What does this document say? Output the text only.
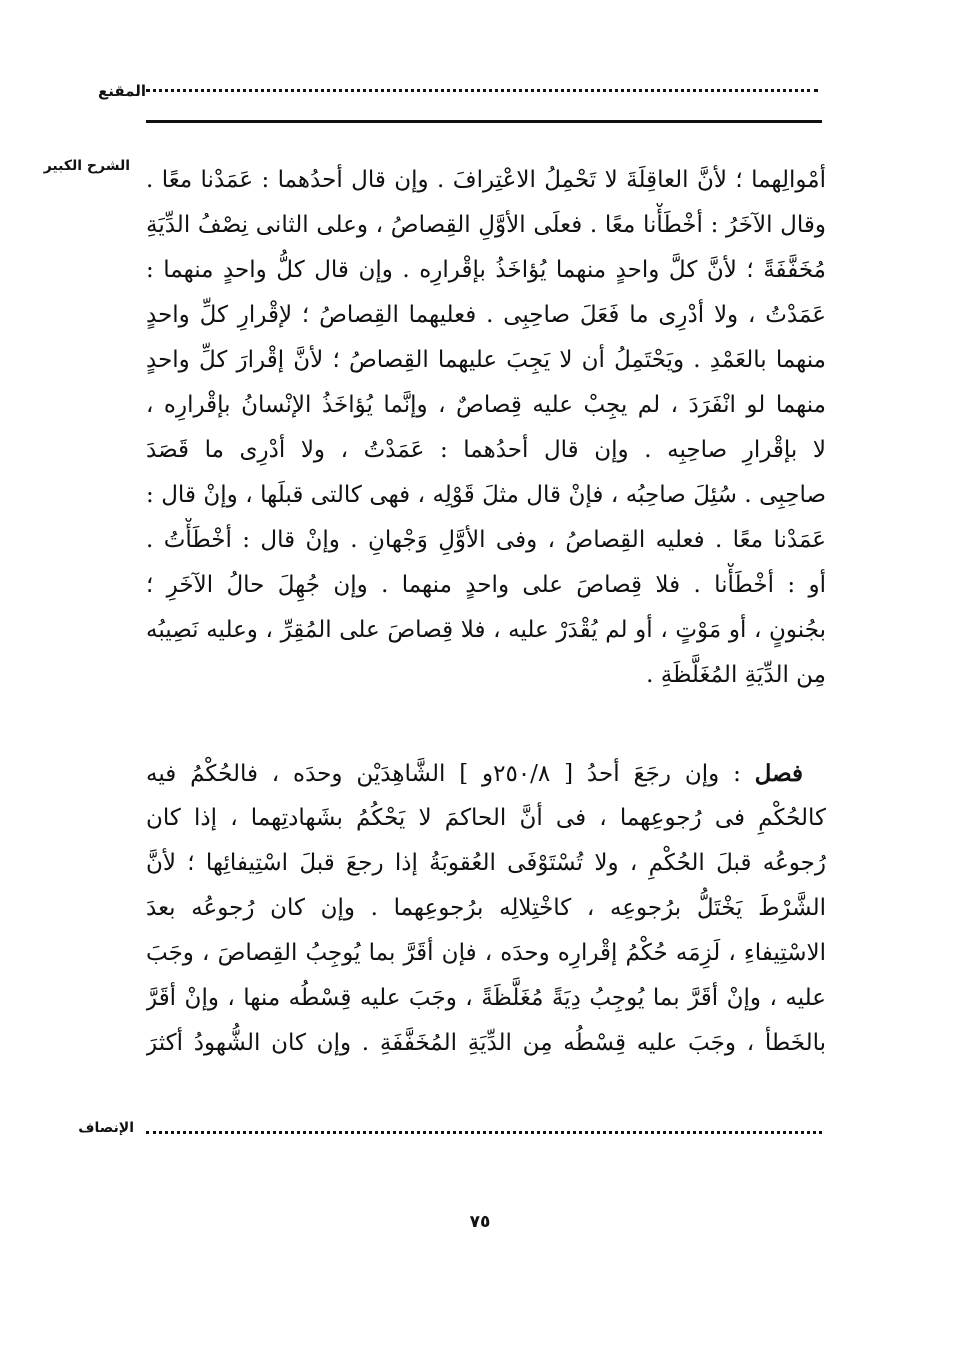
المقنع
الشرح الكبير
أمْوالِهما ؛ لأنَّ العاقِلَةَ لا تَحْمِلُ الاعْتِرافَ . وإن قال أحدُهما : عَمَدْنا معًا .
وقال الآخَرُ : أخْطَأْنا معًا . فعلَى الأوَّلِ القِصاصُ ، وعلى الثانى نِصْفُ الدِّيَةِ
مُخَفَّفَةً ؛ لأنَّ كلَّ واحدٍ منهما يُؤاخَذُ بإقْرارِه . وإن قال كلُّ واحدٍ منهما :
عَمَدْتُ ، ولا أدْرِى ما فَعَلَ صاحِبِى . فعليهما القِصاصُ ؛ لإقْرارِ كلِّ واحدٍ
منهما بالعَمْدِ . ويَحْتَمِلُ أن لا يَجِبَ عليهما القِصاصُ ؛ لأنَّ إقْرارَ كلِّ واحدٍ
منهما لو انْفَرَدَ ، لم يجِبْ عليه قِصاصٌ ، وإنَّما يُؤاخَذُ الإنْسانُ بإقْرارِه ،
لا بإقْرارِ صاحِبِه . وإن قال أحدُهما : عَمَدْتُ ، ولا أدْرِى ما قَصَدَ
صاحِبِى . سُئِلَ صاحِبُه ، فإنْ قال مثلَ قَوْلِه ، فهى كالتى قبلَها ، وإنْ قال :
عَمَدْنا معًا . فعليه القِصاصُ ، وفى الأوَّلِ وَجْهانِ . وإنْ قال : أخْطَأْتُ .
أو : أخْطَأْنا . فلا قِصاصَ على واحدٍ منهما . وإن جُهِلَ حالُ الآخَرِ ؛
بجُنونٍ ، أو مَوْتٍ ، أو لم يُقْدَرْ عليه ، فلا قِصاصَ على المُقِرِّ ، وعليه نَصِيبُه
مِن الدِّيَةِ المُغَلَّظَةِ .
 فصل : وإن رجَعَ أحدُ [ ٢٥٠/٨و ] الشَّاهِدَيْن وحدَه ، فالحُكْمُ فيه
كالحُكْمِ فى رُجوعِهما ، فى أنَّ الحاكمَ لا يَحْكُمُ بشَهادتِهما ، إذا كان
رُجوعُه قبلَ الحُكْمِ ، ولا تُسْتَوْفَى العُقوبَةُ إذا رجعَ قبلَ اسْتِيفائِها ؛ لأنَّ
الشَّرْطَ يَخْتَلُّ برُجوعِه ، كاخْتِلالِه برُجوعِهما . وإن كان رُجوعُه بعدَ
الاسْتِيفاءِ ، لَزِمَه حُكْمُ إقْرارِه وحدَه ، فإن أقَرَّ بما يُوجِبُ القِصاصَ ، وجَبَ
عليه ، وإنْ أقَرَّ بما يُوجِبُ دِيَةً مُغَلَّظَةً ، وجَبَ عليه قِسْطُه منها ، وإنْ أقَرَّ
بالخَطأ ، وجَبَ عليه قِسْطُه مِن الدِّيَةِ المُخَفَّفَةِ . وإن كان الشُّهودُ أكثرَ
الإنصاف
٧٥
